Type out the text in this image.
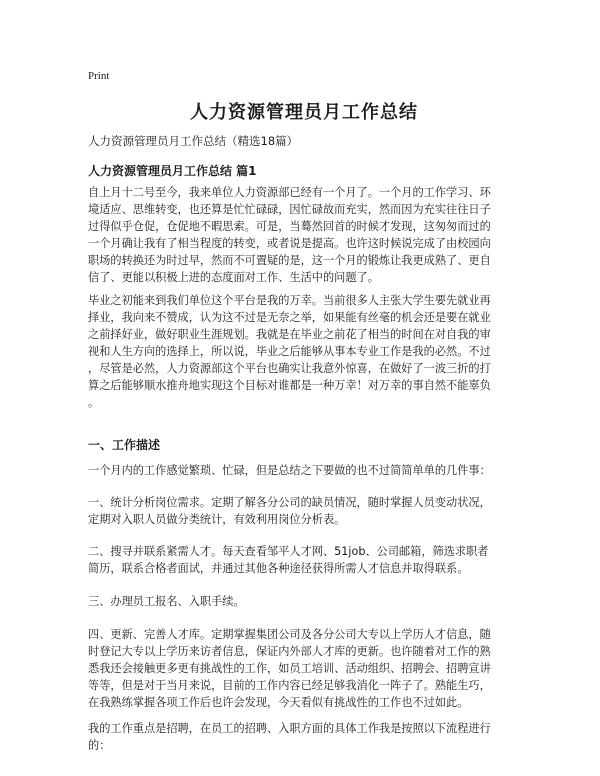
Print
人力资源管理员月工作总结
人力资源管理员月工作总结（精选18篇）
人力资源管理员月工作总结 篇1
自上月十二号至今，我来单位人力资源部已经有一个月了。一个月的工作学习、环
境适应、思维转变，也还算是忙忙碌碌，因忙碌故而充实，然而因为充实往往日子
过得似乎仓促，仓促地不暇思索。可是，当蓦然回首的时候才发现，这匆匆而过的
一个月确让我有了相当程度的转变，或者说是提高。也许这时候说完成了由校园向
职场的转换还为时过早，然而不可置疑的是，这一个月的锻炼让我更成熟了、更自
信了、更能以积极上进的态度面对工作、生活中的问题了。
毕业之初能来到我们单位这个平台是我的万幸。当前很多人主张大学生要先就业再
择业，我向来不赞成，认为这不过是无奈之举，如果能有丝毫的机会还是要在就业
之前择好业，做好职业生涯规划。我就是在毕业之前花了相当的时间在对自我的审
视和人生方向的选择上，所以说，毕业之后能够从事本专业工作是我的必然。不过
，尽管是必然，人力资源部这个平台也确实让我意外惊喜，在做好了一波三折的打
算之后能够顺水推舟地实现这个目标对谁都是一种万幸！对万幸的事自然不能辜负
。
一、工作描述
一个月内的工作感觉繁琐、忙碌，但是总结之下要做的也不过简简单单的几件事：
一、统计分析岗位需求。定期了解各分公司的缺员情况，随时掌握人员变动状况，
定期对入职人员做分类统计，有效利用岗位分析表。
二、搜寻并联系紧需人才。每天查看邹平人才网、51job、公司邮箱，筛选求职者
简历，联系合格者面试，并通过其他各种途径获得所需人才信息并取得联系。
三、办理员工报名、入职手续。
四、更新、完善人才库。定期掌握集团公司及各分公司大专以上学历人才信息，随
时登记大专以上学历来访者信息，保证内外部人才库的更新。也许随着对工作的熟
悉我还会接触更多更有挑战性的工作，如员工培训、活动组织、招聘会、招聘宣讲
等等，但是对于当月来说，目前的工作内容已经足够我消化一阵子了。熟能生巧，
在我熟练掌握各项工作后也许会发现，今天看似有挑战性的工作也不过如此。
我的工作重点是招聘，在员工的招聘、入职方面的具体工作我是按照以下流程进行
的：
